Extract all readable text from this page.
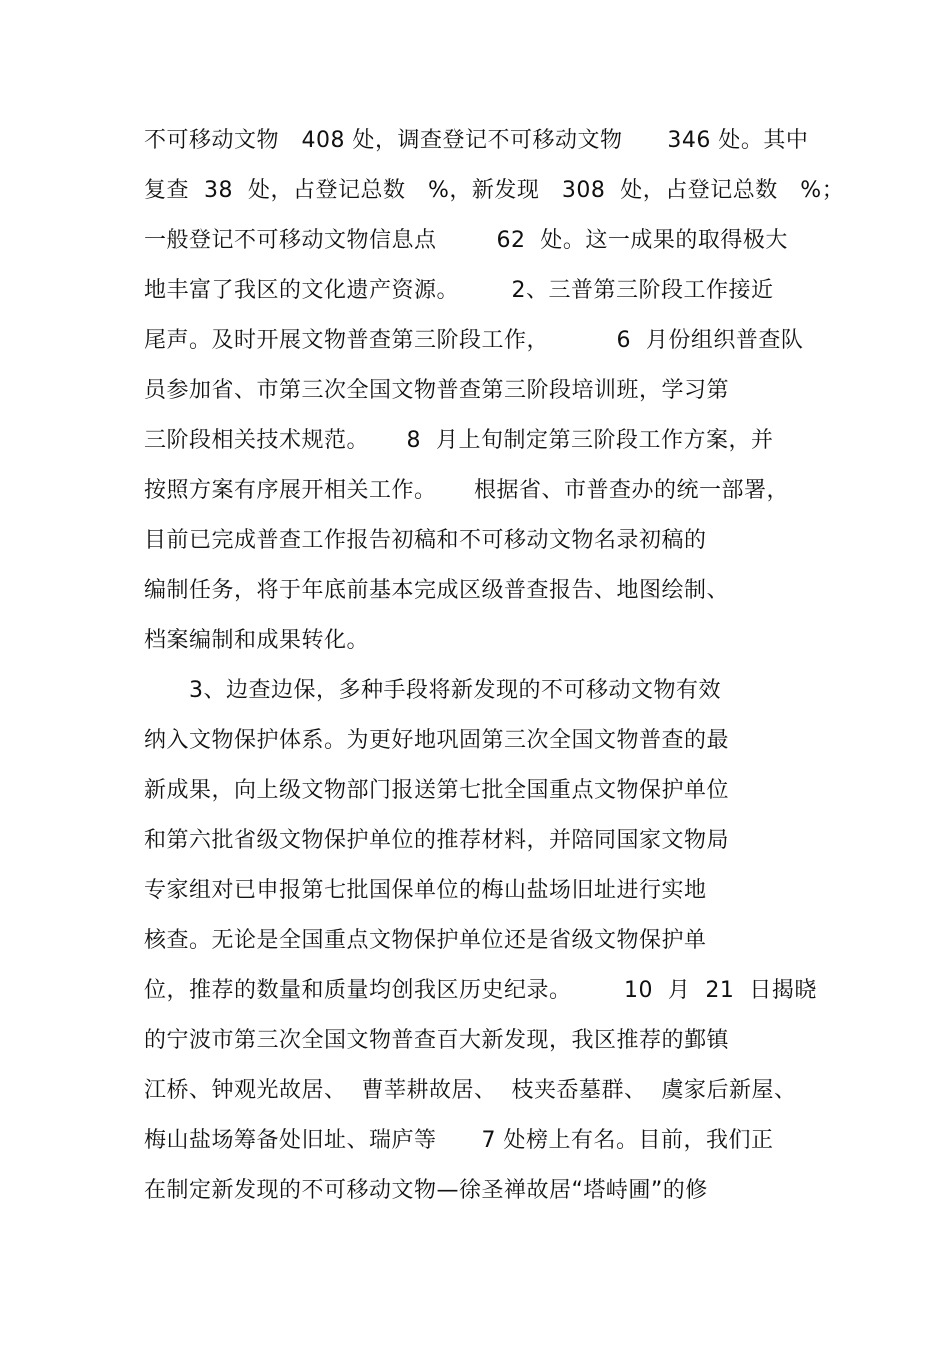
不可移动文物   408 处，调查登记不可移动文物      346 处。其中
复查  38  处，占登记总数   %，新发现   308  处，占登记总数   %；
一般登记不可移动文物信息点        62  处。这一成果的取得极大
地丰富了我区的文化遗产资源。       2、三普第三阶段工作接近
尾声。及时开展文物普查第三阶段工作，         6  月份组织普查队
员参加省、市第三次全国文物普查第三阶段培训班，学习第
三阶段相关技术规范。     8  月上旬制定第三阶段工作方案，并
按照方案有序展开相关工作。     根据省、市普查办的统一部署，
目前已完成普查工作报告初稿和不可移动文物名录初稿的
编制任务，将于年底前基本完成区级普查报告、地图绘制、
档案编制和成果转化。
3、边查边保，多种手段将新发现的不可移动文物有效
纳入文物保护体系。为更好地巩固第三次全国文物普查的最
新成果，向上级文物部门报送第七批全国重点文物保护单位
和第六批省级文物保护单位的推荐材料，并陪同国家文物局
专家组对已申报第七批国保单位的梅山盐场旧址进行实地
核查。无论是全国重点文物保护单位还是省级文物保护单
位，推荐的数量和质量均创我区历史纪录。       10  月  21  日揭晓
的宁波市第三次全国文物普查百大新发现，我区推荐的鄞镇
江桥、钟观光故居、  曹莘耕故居、  枝夹岙墓群、  虞家后新屋、
梅山盐场筹备处旧址、瑞庐等      7 处榜上有名。目前，我们正
在制定新发现的不可移动文物—徐圣禅故居“塔峙圃”的修
